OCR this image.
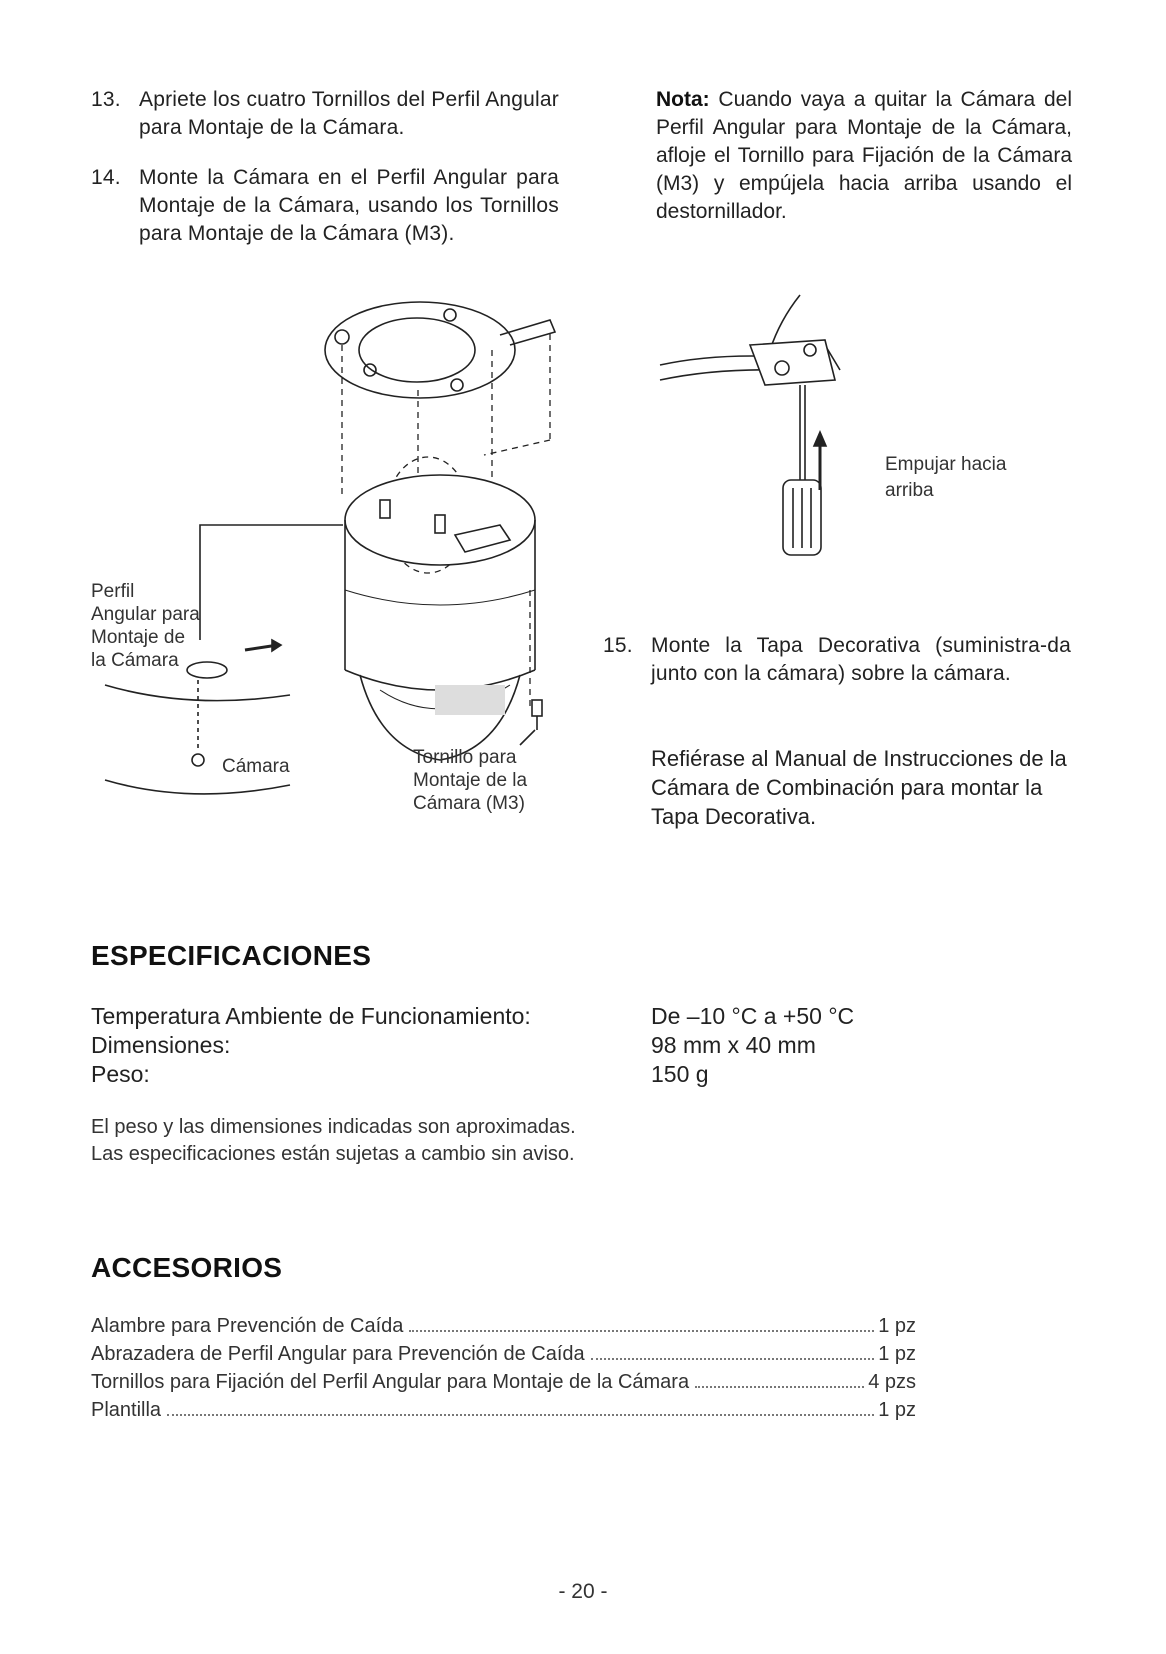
13. Apriete los cuatro Tornillos del Perfil Angular para Montaje de la Cámara.
14. Monte la Cámara en el Perfil Angular para Montaje de la Cámara, usando los Tornillos para Montaje de la Cámara (M3).
Nota: Cuando vaya a quitar la Cámara del Perfil Angular para Montaje de la Cámara, afloje el Tornillo para Fijación de la Cámara (M3) y empújela hacia arriba usando el destornillador.
Perfil Angular para Montaje de la Cámara
Cámara	Tornillo para Montaje de la Cámara (M3)
Empujar hacia arriba
15. Monte la Tapa Decorativa (suministra-da junto con la cámara) sobre la cámara.
Refiérase al Manual de Instrucciones de la Cámara de Combinación para montar la Tapa Decorativa.
ESPECIFICACIONES
Temperatura Ambiente de Funcionamiento:	De –10 °C a +50 °C
Dimensiones:	98 mm x 40 mm
Peso:	150 g
El peso y las dimensiones indicadas son aproximadas.
Las especificaciones están sujetas a cambio sin aviso.
ACCESORIOS
Alambre para Prevención de Caída	1 pz
Abrazadera de Perfil Angular para Prevención de Caída	1 pz
Tornillos para Fijación del Perfil Angular para Montaje de la Cámara	4 pzs
Plantilla	1 pz
- 20 -
